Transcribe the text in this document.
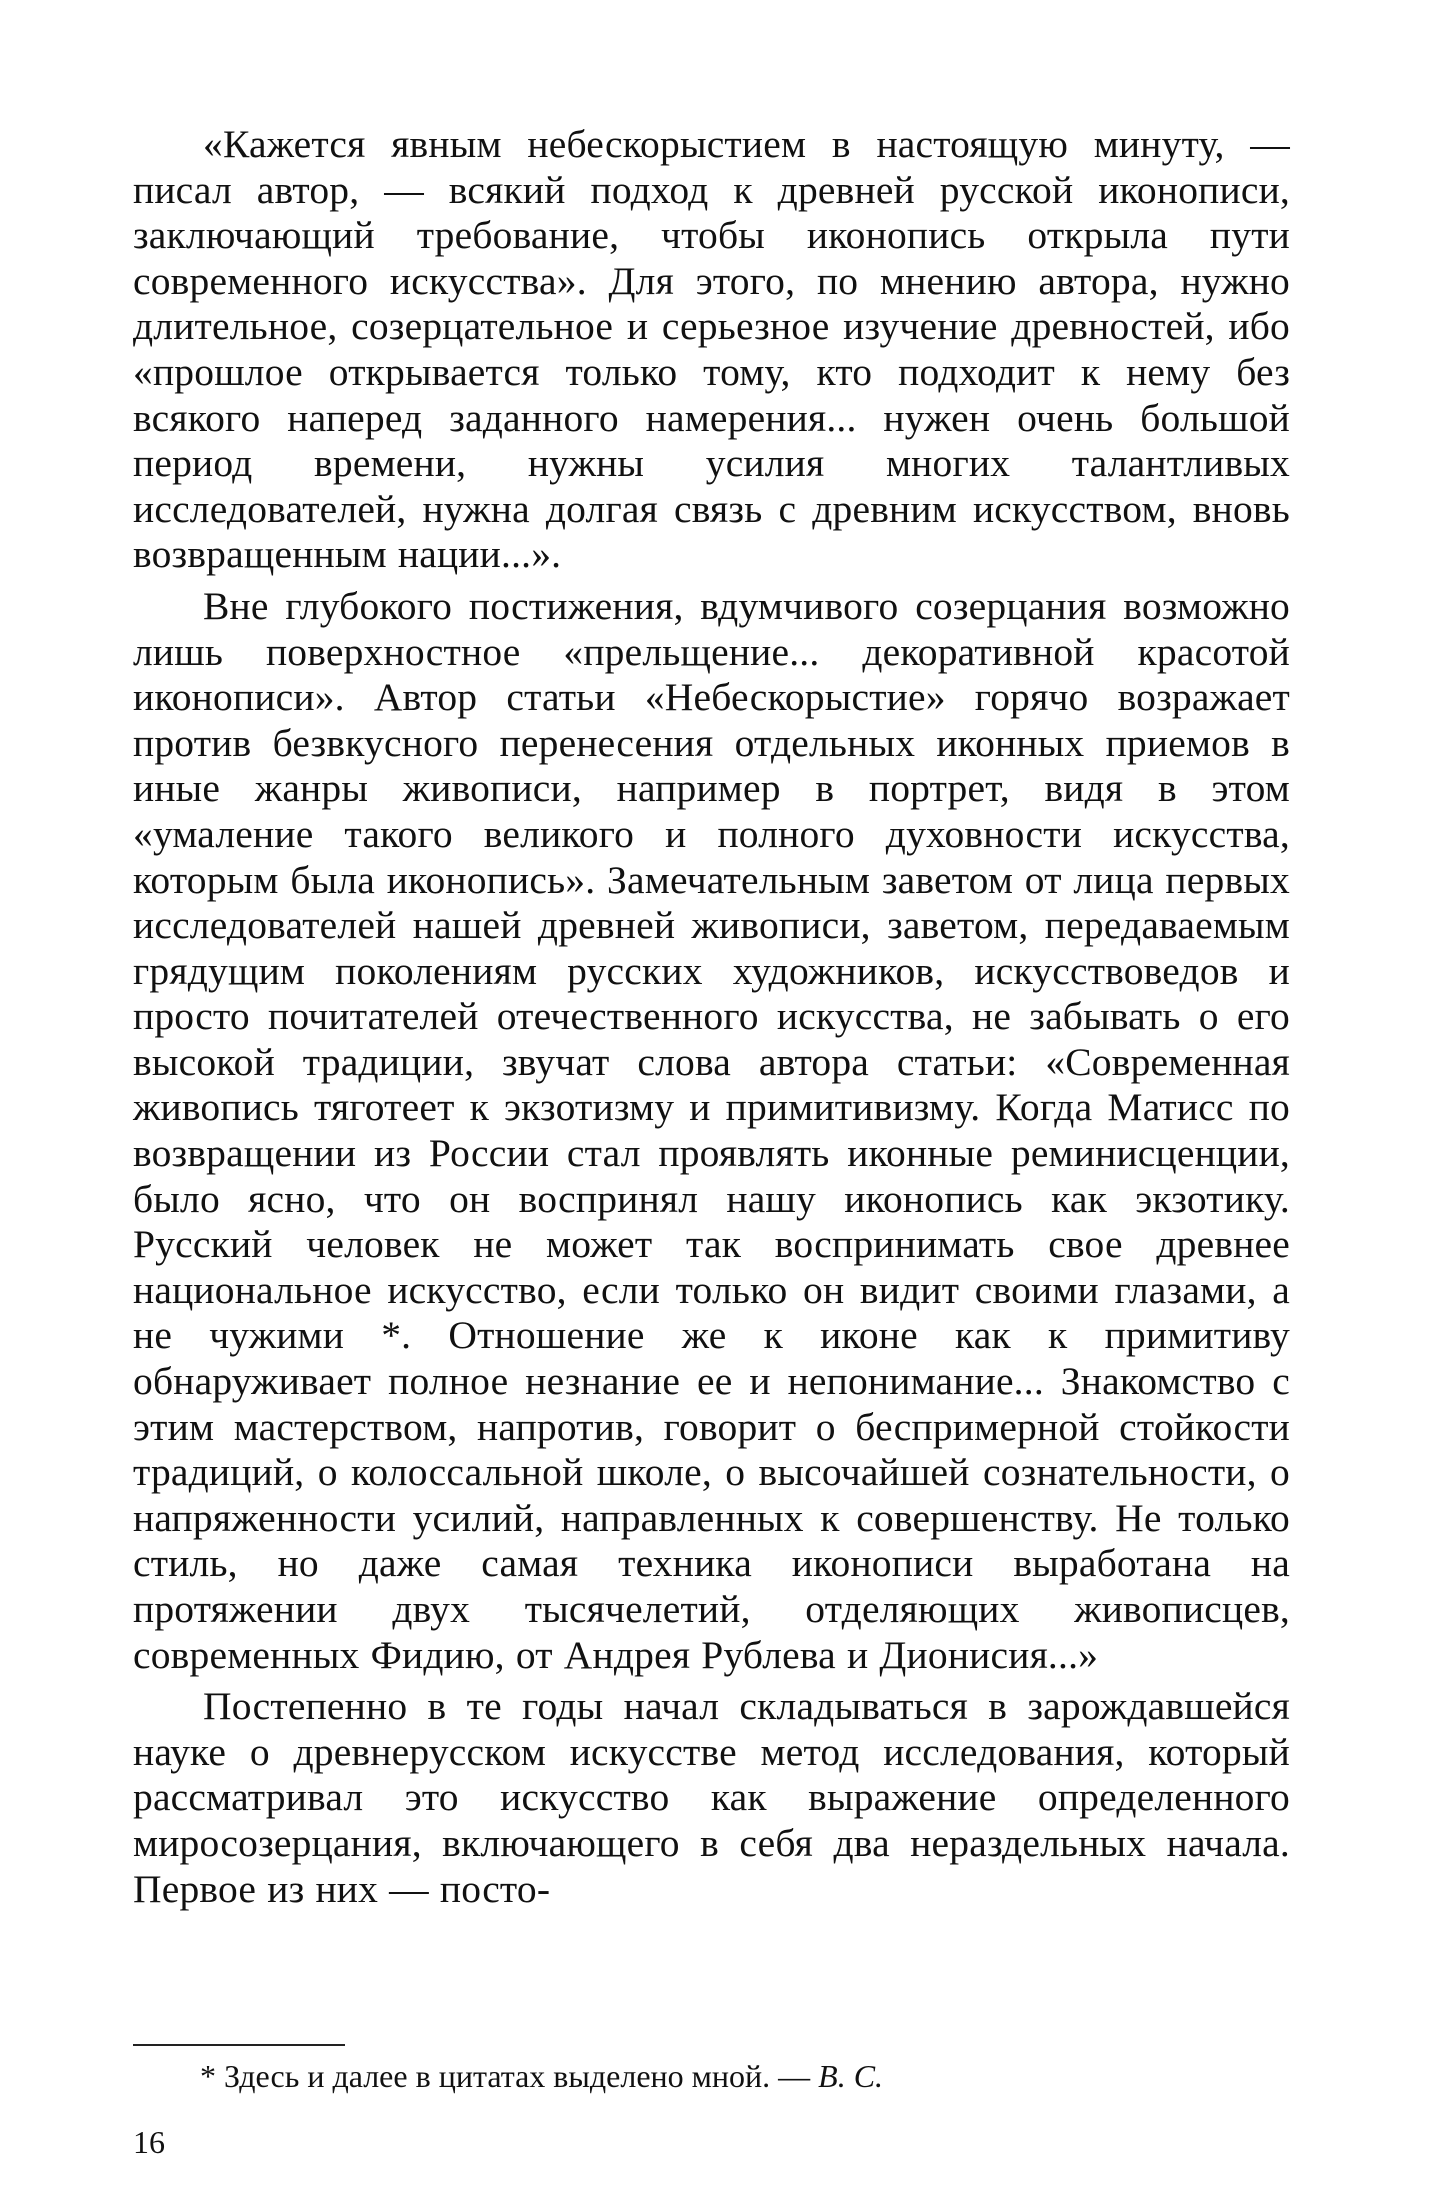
«Кажется явным небескорыстием в настоящую минуту, — писал автор, — всякий подход к древней русской иконописи, заключающий требование, чтобы иконопись открыла пути современного искусства». Для этого, по мнению автора, нужно длительное, созерцательное и серьезное изучение древностей, ибо «прошлое открывается только тому, кто подходит к нему без всякого наперед заданного намерения... нужен очень большой период времени, нужны усилия многих талантливых исследователей, нужна долгая связь с древним искусством, вновь возвращенным нации...».

Вне глубокого постижения, вдумчивого созерцания возможно лишь поверхностное «прельщение... декоративной красотой иконописи». Автор статьи «Небескорыстие» горячо возражает против безвкусного перенесения отдельных иконных приемов в иные жанры живописи, например в портрет, видя в этом «умаление такого великого и полного духовности искусства, которым была иконопись». Замечательным заветом от лица первых исследователей нашей древней живописи, заветом, передаваемым грядущим поколениям русских художников, искусствоведов и просто почитателей отечественного искусства, не забывать о его высокой традиции, звучат слова автора статьи: «Современная живопись тяготеет к экзотизму и примитивизму. Когда Матисс по возвращении из России стал проявлять иконные реминисценции, было ясно, что он воспринял нашу иконопись как экзотику. Русский человек не может так воспринимать свое древнее национальное искусство, если только он видит своими глазами, а не чужими *. Отношение же к иконе как к примитиву обнаруживает полное незнание ее и непонимание... Знакомство с этим мастерством, напротив, говорит о беспримерной стойкости традиций, о колоссальной школе, о высочайшей сознательности, о напряженности усилий, направленных к совершенству. Не только стиль, но даже самая техника иконописи выработана на протяжении двух тысячелетий, отделяющих живописцев, современных Фидию, от Андрея Рублева и Дионисия...»

Постепенно в те годы начал складываться в зарождавшейся науке о древнерусском искусстве метод исследования, который рассматривал это искусство как выражение определенного миросозерцания, включающего в себя два нераздельных начала. Первое из них — посто-

* Здесь и далее в цитатах выделено мной. — В. С.
16
